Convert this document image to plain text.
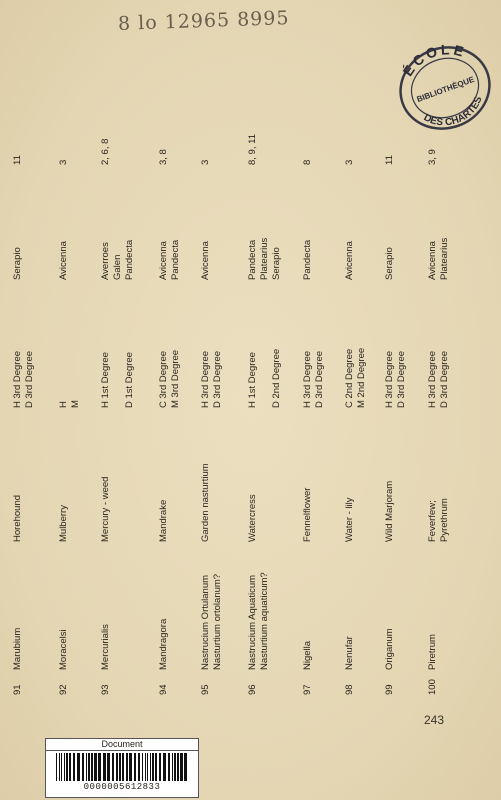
8 lo 12965 8995
ÉCOLE
BIBLIOTHÈQUE
DES CHARTES
91
Marubium
Horehound
H 3rd Degree
D 3rd Degree
Serapio
11
92
Moracelsi
Mulberry
H
M
Avicenna
3
93
Mercurialis
Mercury - weed
H 1st Degree

D 1st Degree
Averroes
Galen
Pandecta
2, 6, 8
94
Mandragora
Mandrake
C 3rd Degree
M 3rd Degree
Avicenna
Pandecta
3, 8
95
Nastrucium Ortulanum
Nasturtium ortolanum?
Garden nasturtium
H 3rd Degree
D 3rd Degree
Avicenna
3
96
Nastrucium Aquaticum
Nasturtium aquaticum?
Watercress
H 1st Degree

D 2nd Degree
Pandecta
Platearius
Serapio
8, 9, 11
97
Nigella
Fennelflower
H 3rd Degree
D 3rd Degree
Pandecta
8
98
Nenufar
Water - lily
C 2nd Degree
M 2nd Degree
Avicenna
3
99
Origanum
Wild Marjoram
H 3rd Degree
D 3rd Degree
Serapio
11
100
Piretrum
Feverfew;
Pyrethrum
H 3rd Degree
D 3rd Degree
Avicenna
Platearius
3, 9
243
Document
0000005612833
